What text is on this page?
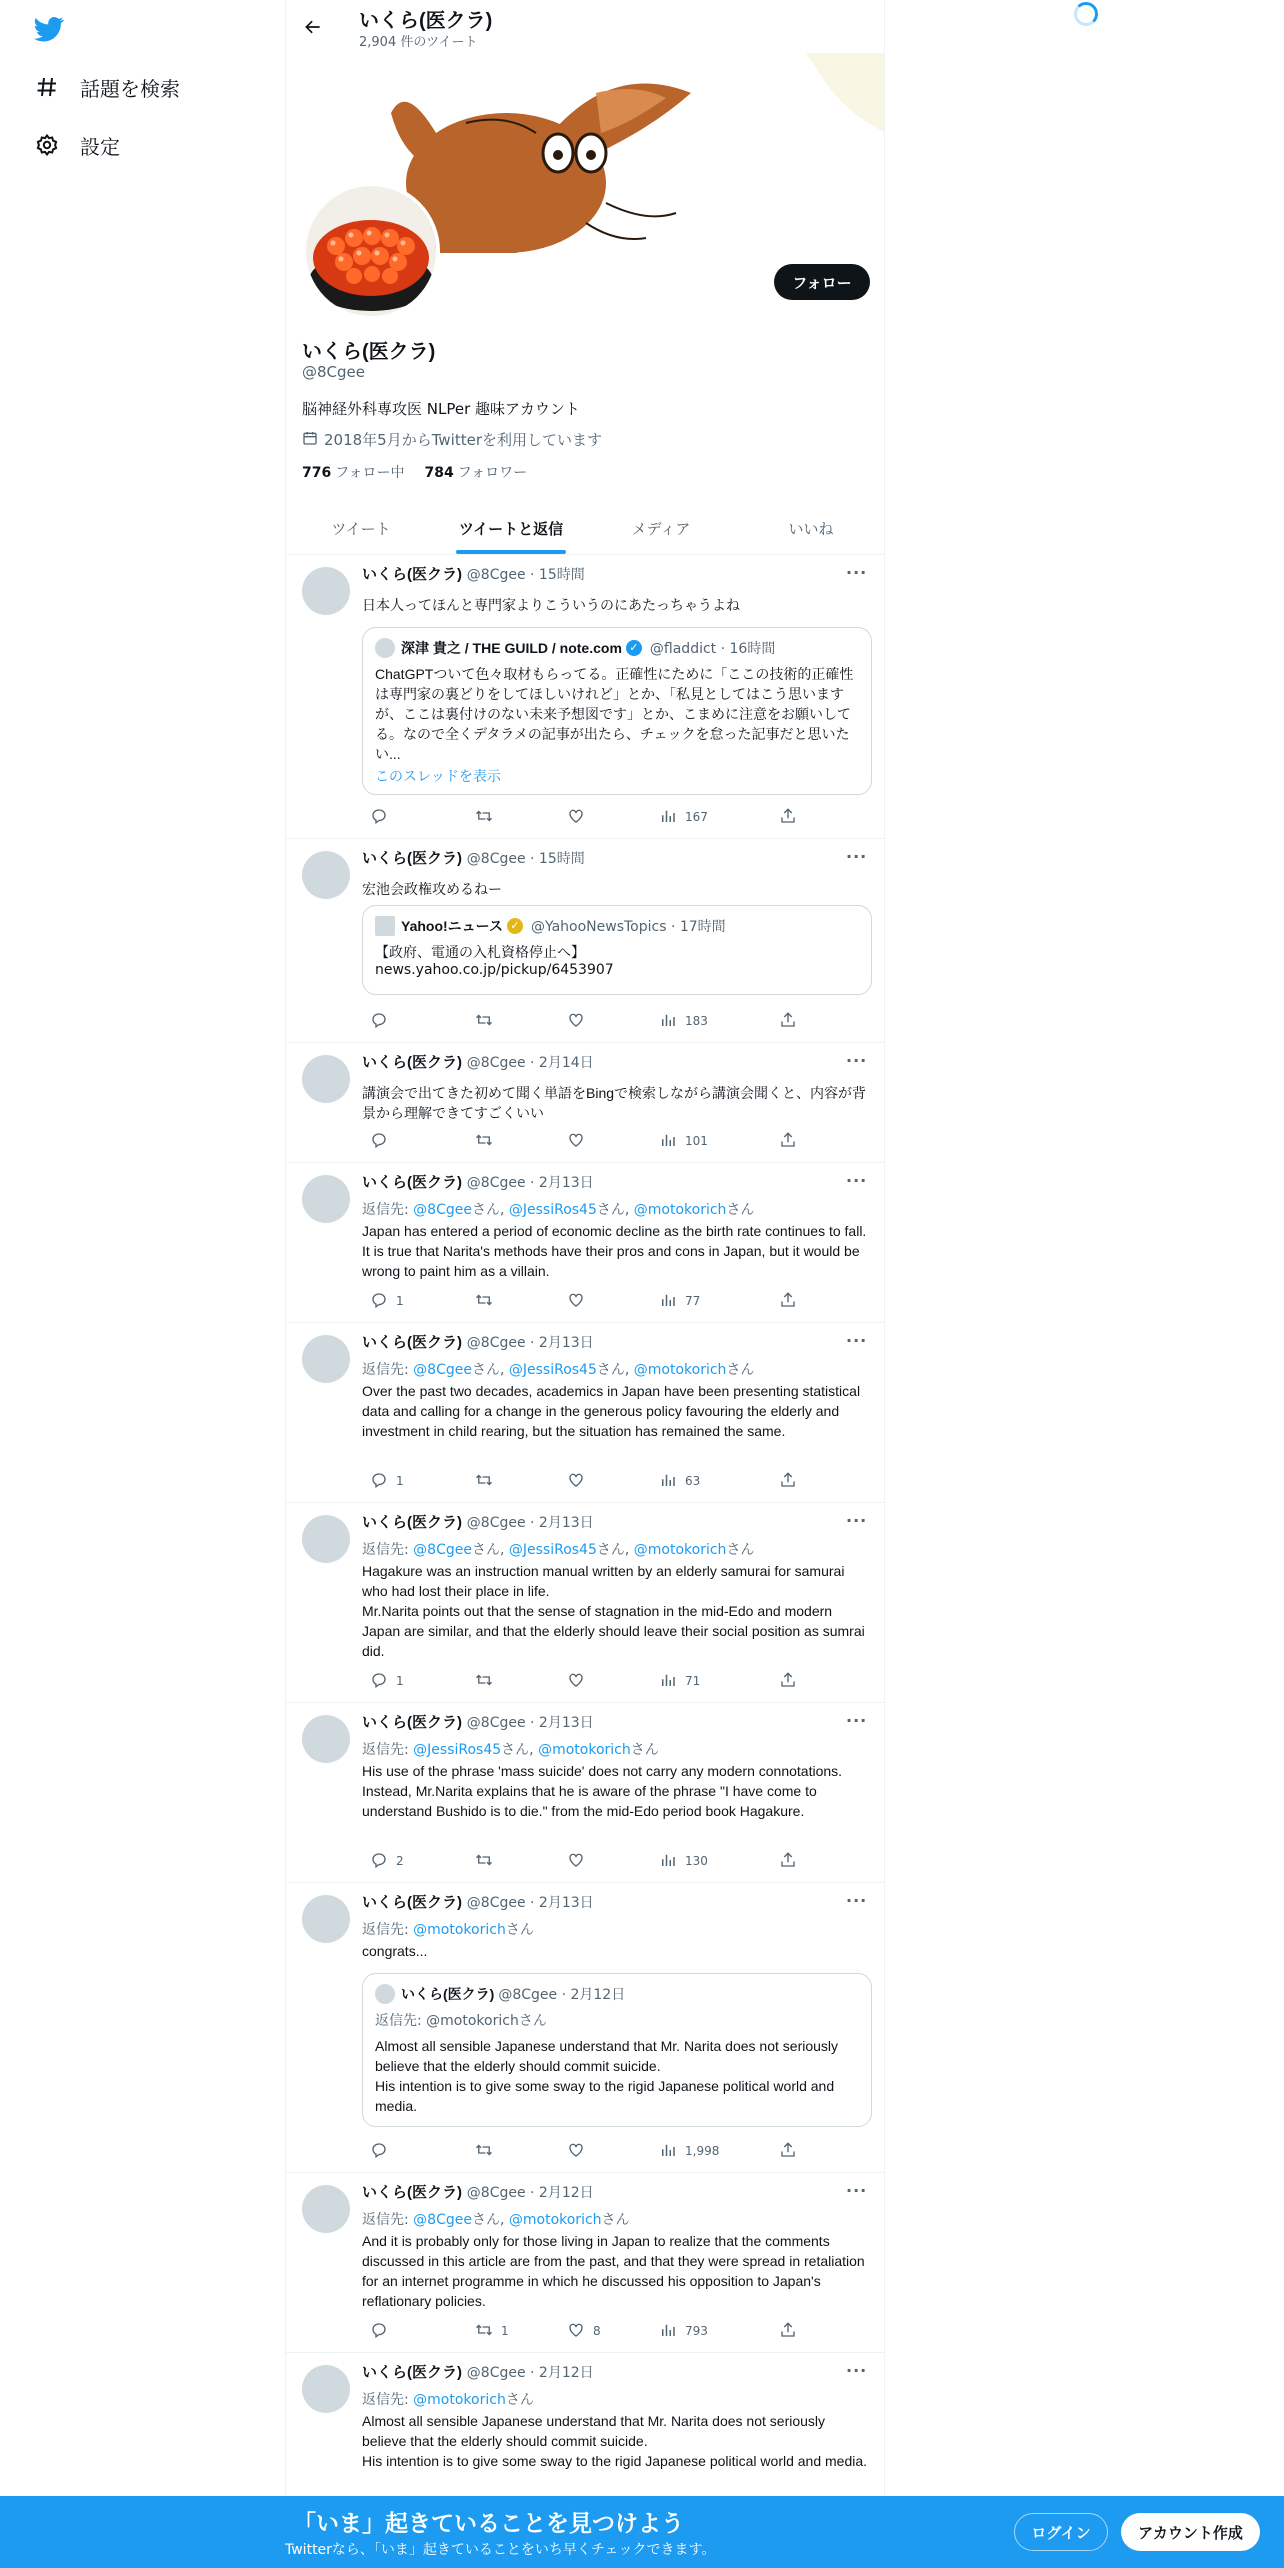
話題を検索
設定
いくら(医クラ)
2,904 件のツイート
フォロー
いくら(医クラ)
@8Cgee
脳神経外科専攻医 NLPer 趣味アカウント
2018年5月からTwitterを利用しています
776 フォロー中 784 フォロワー
ツイート	ツイートと返信	メディア	いいね
いくら(医クラ) @8Cgee · 15時間	···
日本人ってほんと専門家よりこういうのにあたっちゃうよね
深津 貴之 / THE GUILD / note.com ✓ @fladdict · 16時間
ChatGPTついて色々取材もらってる。正確性にために「ここの技術的正確性は専門家の裏どりをしてほしいけれど」とか、「私見としてはこう思いますが、ここは裏付けのない未来予想図です」とか、こまめに注意をお願いしてる。なので全くデタラメの記事が出たら、チェックを怠った記事だと思いたい...
このスレッドを表示
167
いくら(医クラ) @8Cgee · 15時間	···
宏池会政権攻めるねー
Yahoo!ニュース ✓ @YahooNewsTopics · 17時間
【政府、電通の入札資格停止へ】
news.yahoo.co.jp/pickup/6453907
183
いくら(医クラ) @8Cgee · 2月14日	···
講演会で出てきた初めて聞く単語をBingで検索しながら講演会聞くと、内容が背景から理解できてすごくいい
101
いくら(医クラ) @8Cgee · 2月13日	···
返信先: @8Cgeeさん, @JessiRos45さん, @motokorichさん
Japan has entered a period of economic decline as the birth rate continues to fall. It is true that Narita's methods have their pros and cons in Japan, but it would be wrong to paint him as a villain.
1	77
いくら(医クラ) @8Cgee · 2月13日	···
返信先: @8Cgeeさん, @JessiRos45さん, @motokorichさん
Over the past two decades, academics in Japan have been presenting statistical data and calling for a change in the generous policy favouring the elderly and investment in child rearing, but the situation has remained the same.
1	63
いくら(医クラ) @8Cgee · 2月13日	···
返信先: @8Cgeeさん, @JessiRos45さん, @motokorichさん
Hagakure was an instruction manual written by an elderly samurai for samurai who had lost their place in life.
Mr.Narita points out that the sense of stagnation in the mid-Edo and modern Japan are similar, and that the elderly should leave their social position as sumrai did.
1	71
いくら(医クラ) @8Cgee · 2月13日	···
返信先: @JessiRos45さん, @motokorichさん
His use of the phrase 'mass suicide' does not carry any modern connotations. Instead, Mr.Narita explains that he is aware of the phrase "I have come to understand Bushido is to die." from the mid-Edo period book Hagakure.
2	130
いくら(医クラ) @8Cgee · 2月13日	···
返信先: @motokorichさん
congrats...
いくら(医クラ) @8Cgee · 2月12日
返信先: @motokorichさん
Almost all sensible Japanese understand that Mr. Narita does not seriously believe that the elderly should commit suicide.
His intention is to give some sway to the rigid Japanese political world and media.
1,998
いくら(医クラ) @8Cgee · 2月12日	···
返信先: @8Cgeeさん, @motokorichさん
And it is probably only for those living in Japan to realize that the comments discussed in this article are from the past, and that they were spread in retaliation for an internet programme in which he discussed his opposition to Japan's reflationary policies.
1	8	793
いくら(医クラ) @8Cgee · 2月12日	···
返信先: @motokorichさん
Almost all sensible Japanese understand that Mr. Narita does not seriously believe that the elderly should commit suicide.
His intention is to give some sway to the rigid Japanese political world and media.
「いま」起きていることを見つけよう
Twitterなら、「いま」起きていることをいち早くチェックできます。
ログイン	アカウント作成
